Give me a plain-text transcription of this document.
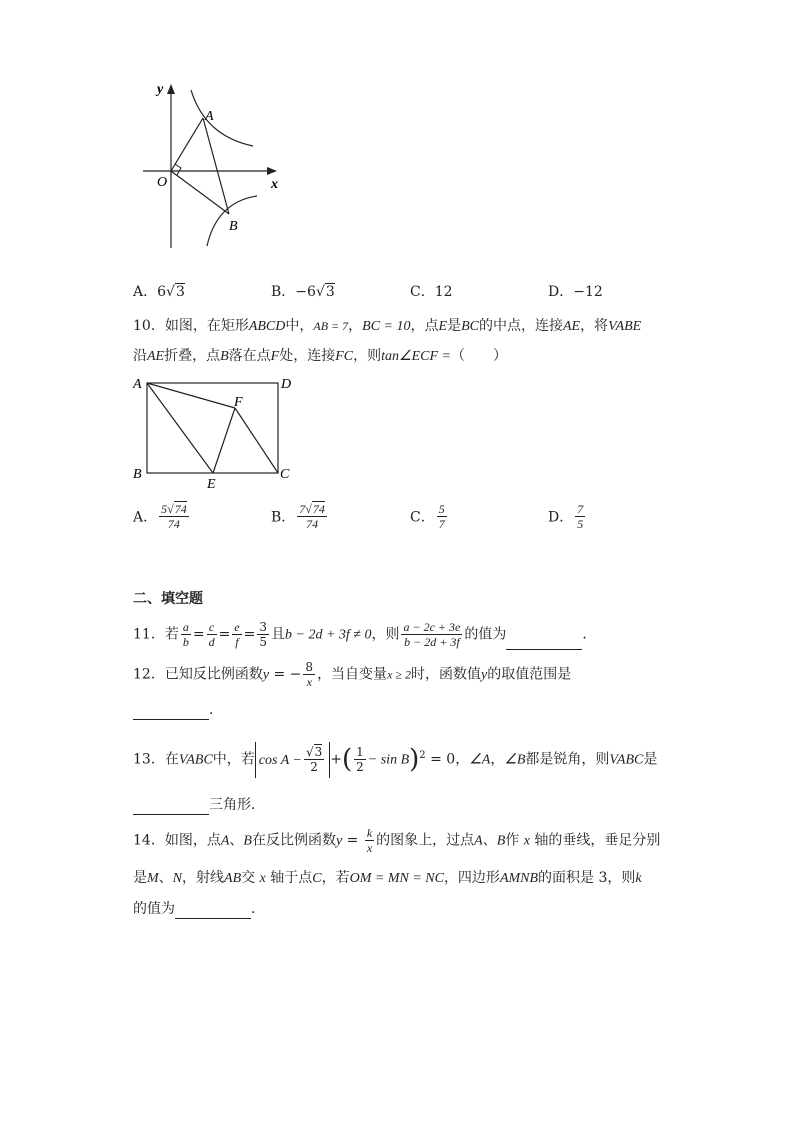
y
x
O
A
B
A．6√3	B．−6√3	C．12	D．−12
10．如图，在矩形ABCD中，AB = 7，BC = 10，点E是BC的中点，连接AE，将VABE
沿AE折叠，点B落在点F处，连接FC，则tan∠ECF =（　　）
A	D
F
B	C
E
A． $\frac{5√74}{74}$	B． $\frac{7√74}{74}$	C． $\frac{5}{7}$	D． $\frac{7}{5}$
二、填空题
11．若 $\frac{a}{b} = \frac{c}{d} = \frac{e}{f} = \frac{3}{5}$ 且b − 2d + 3f ≠ 0，则 $\frac{a - 2c + 3e}{b - 2d + 3f}$ 的值为	．
12．已知反比例函数y = − $\frac{8}{x}$ ，当自变量x ≥ 2时，函数值y的取值范围是
．
13．在VABC中，若 $\cos A - \frac{√3}{2}$ +( $\frac{1}{2} - \sin B)^2 = 0$，∠A，∠B都是锐角，则VABC是
三角形．
14．如图，点A、B在反比例函数$y = \frac{k}{x}$ 的图象上，过点A、B作 x 轴的垂线，垂足分别
是M、N，射线AB交 x 轴于点C，若OM = MN = NC，四边形AMNB的面积是 3，则k
的值为	．
